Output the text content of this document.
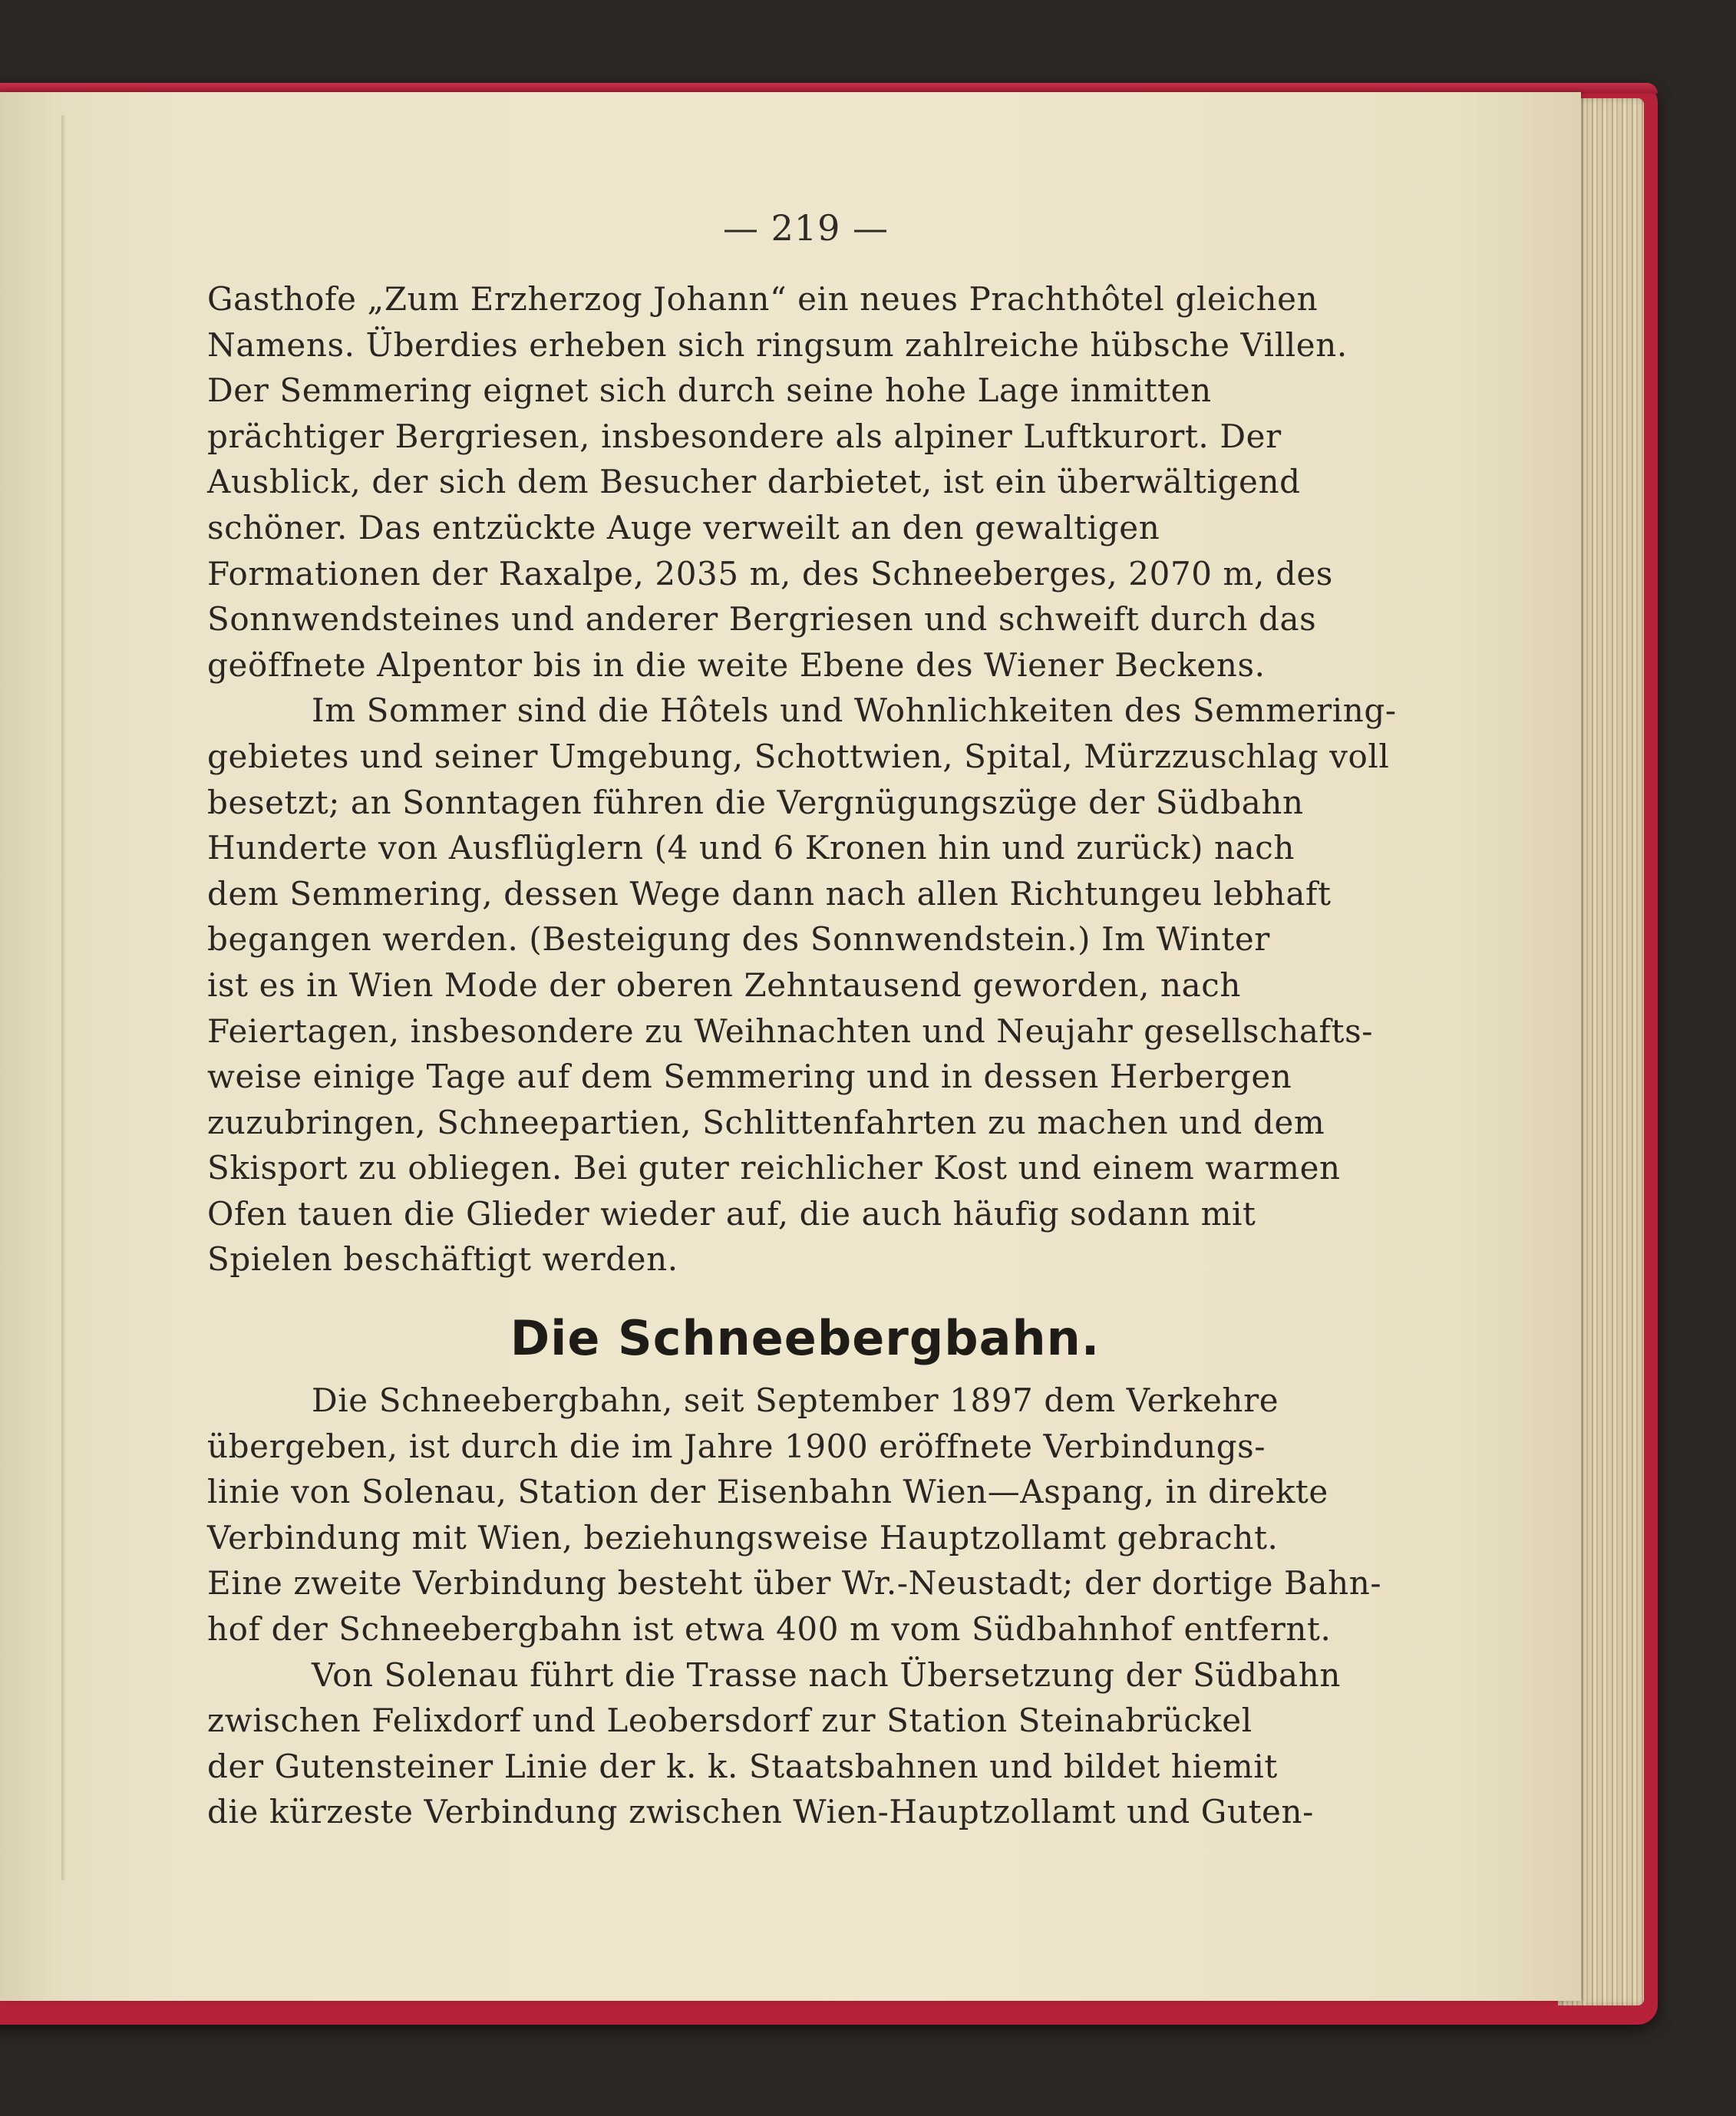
— 219 —

Gasthofe „Zum Erzherzog Johann“ ein neues Prachthôtel gleichen
Namens. Überdies erheben sich ringsum zahlreiche hübsche Villen.
Der Semmering eignet sich durch seine hohe Lage inmitten
prächtiger Bergriesen, insbesondere als alpiner Luftkurort. Der
Ausblick, der sich dem Besucher darbietet, ist ein überwältigend
schöner. Das entzückte Auge verweilt an den gewaltigen
Formationen der Raxalpe, 2035 m, des Schneeberges, 2070 m, des
Sonnwendsteines und anderer Bergriesen und schweift durch das
geöffnete Alpentor bis in die weite Ebene des Wiener Beckens.

Im Sommer sind die Hôtels und Wohnlichkeiten des Semmering-
gebietes und seiner Umgebung, Schottwien, Spital, Mürzzuschlag voll
besetzt; an Sonntagen führen die Vergnügungszüge der Südbahn
Hunderte von Ausflüglern (4 und 6 Kronen hin und zurück) nach
dem Semmering, dessen Wege dann nach allen Richtungeu lebhaft
begangen werden. (Besteigung des Sonnwendstein.) Im Winter
ist es in Wien Mode der oberen Zehntausend geworden, nach
Feiertagen, insbesondere zu Weihnachten und Neujahr gesellschafts-
weise einige Tage auf dem Semmering und in dessen Herbergen
zuzubringen, Schneepartien, Schlittenfahrten zu machen und dem
Skisport zu obliegen. Bei guter reichlicher Kost und einem warmen
Ofen tauen die Glieder wieder auf, die auch häufig sodann mit
Spielen beschäftigt werden.

Die Schneebergbahn.

Die Schneebergbahn, seit September 1897 dem Verkehre
übergeben, ist durch die im Jahre 1900 eröffnete Verbindungs-
linie von Solenau, Station der Eisenbahn Wien—Aspang, in direkte
Verbindung mit Wien, beziehungsweise Hauptzollamt gebracht.
Eine zweite Verbindung besteht über Wr.-Neustadt; der dortige Bahn-
hof der Schneebergbahn ist etwa 400 m vom Südbahnhof entfernt.

Von Solenau führt die Trasse nach Übersetzung der Südbahn
zwischen Felixdorf und Leobersdorf zur Station Steinabrückel
der Gutensteiner Linie der k. k. Staatsbahnen und bildet hiemit
die kürzeste Verbindung zwischen Wien-Hauptzollamt und Guten-
